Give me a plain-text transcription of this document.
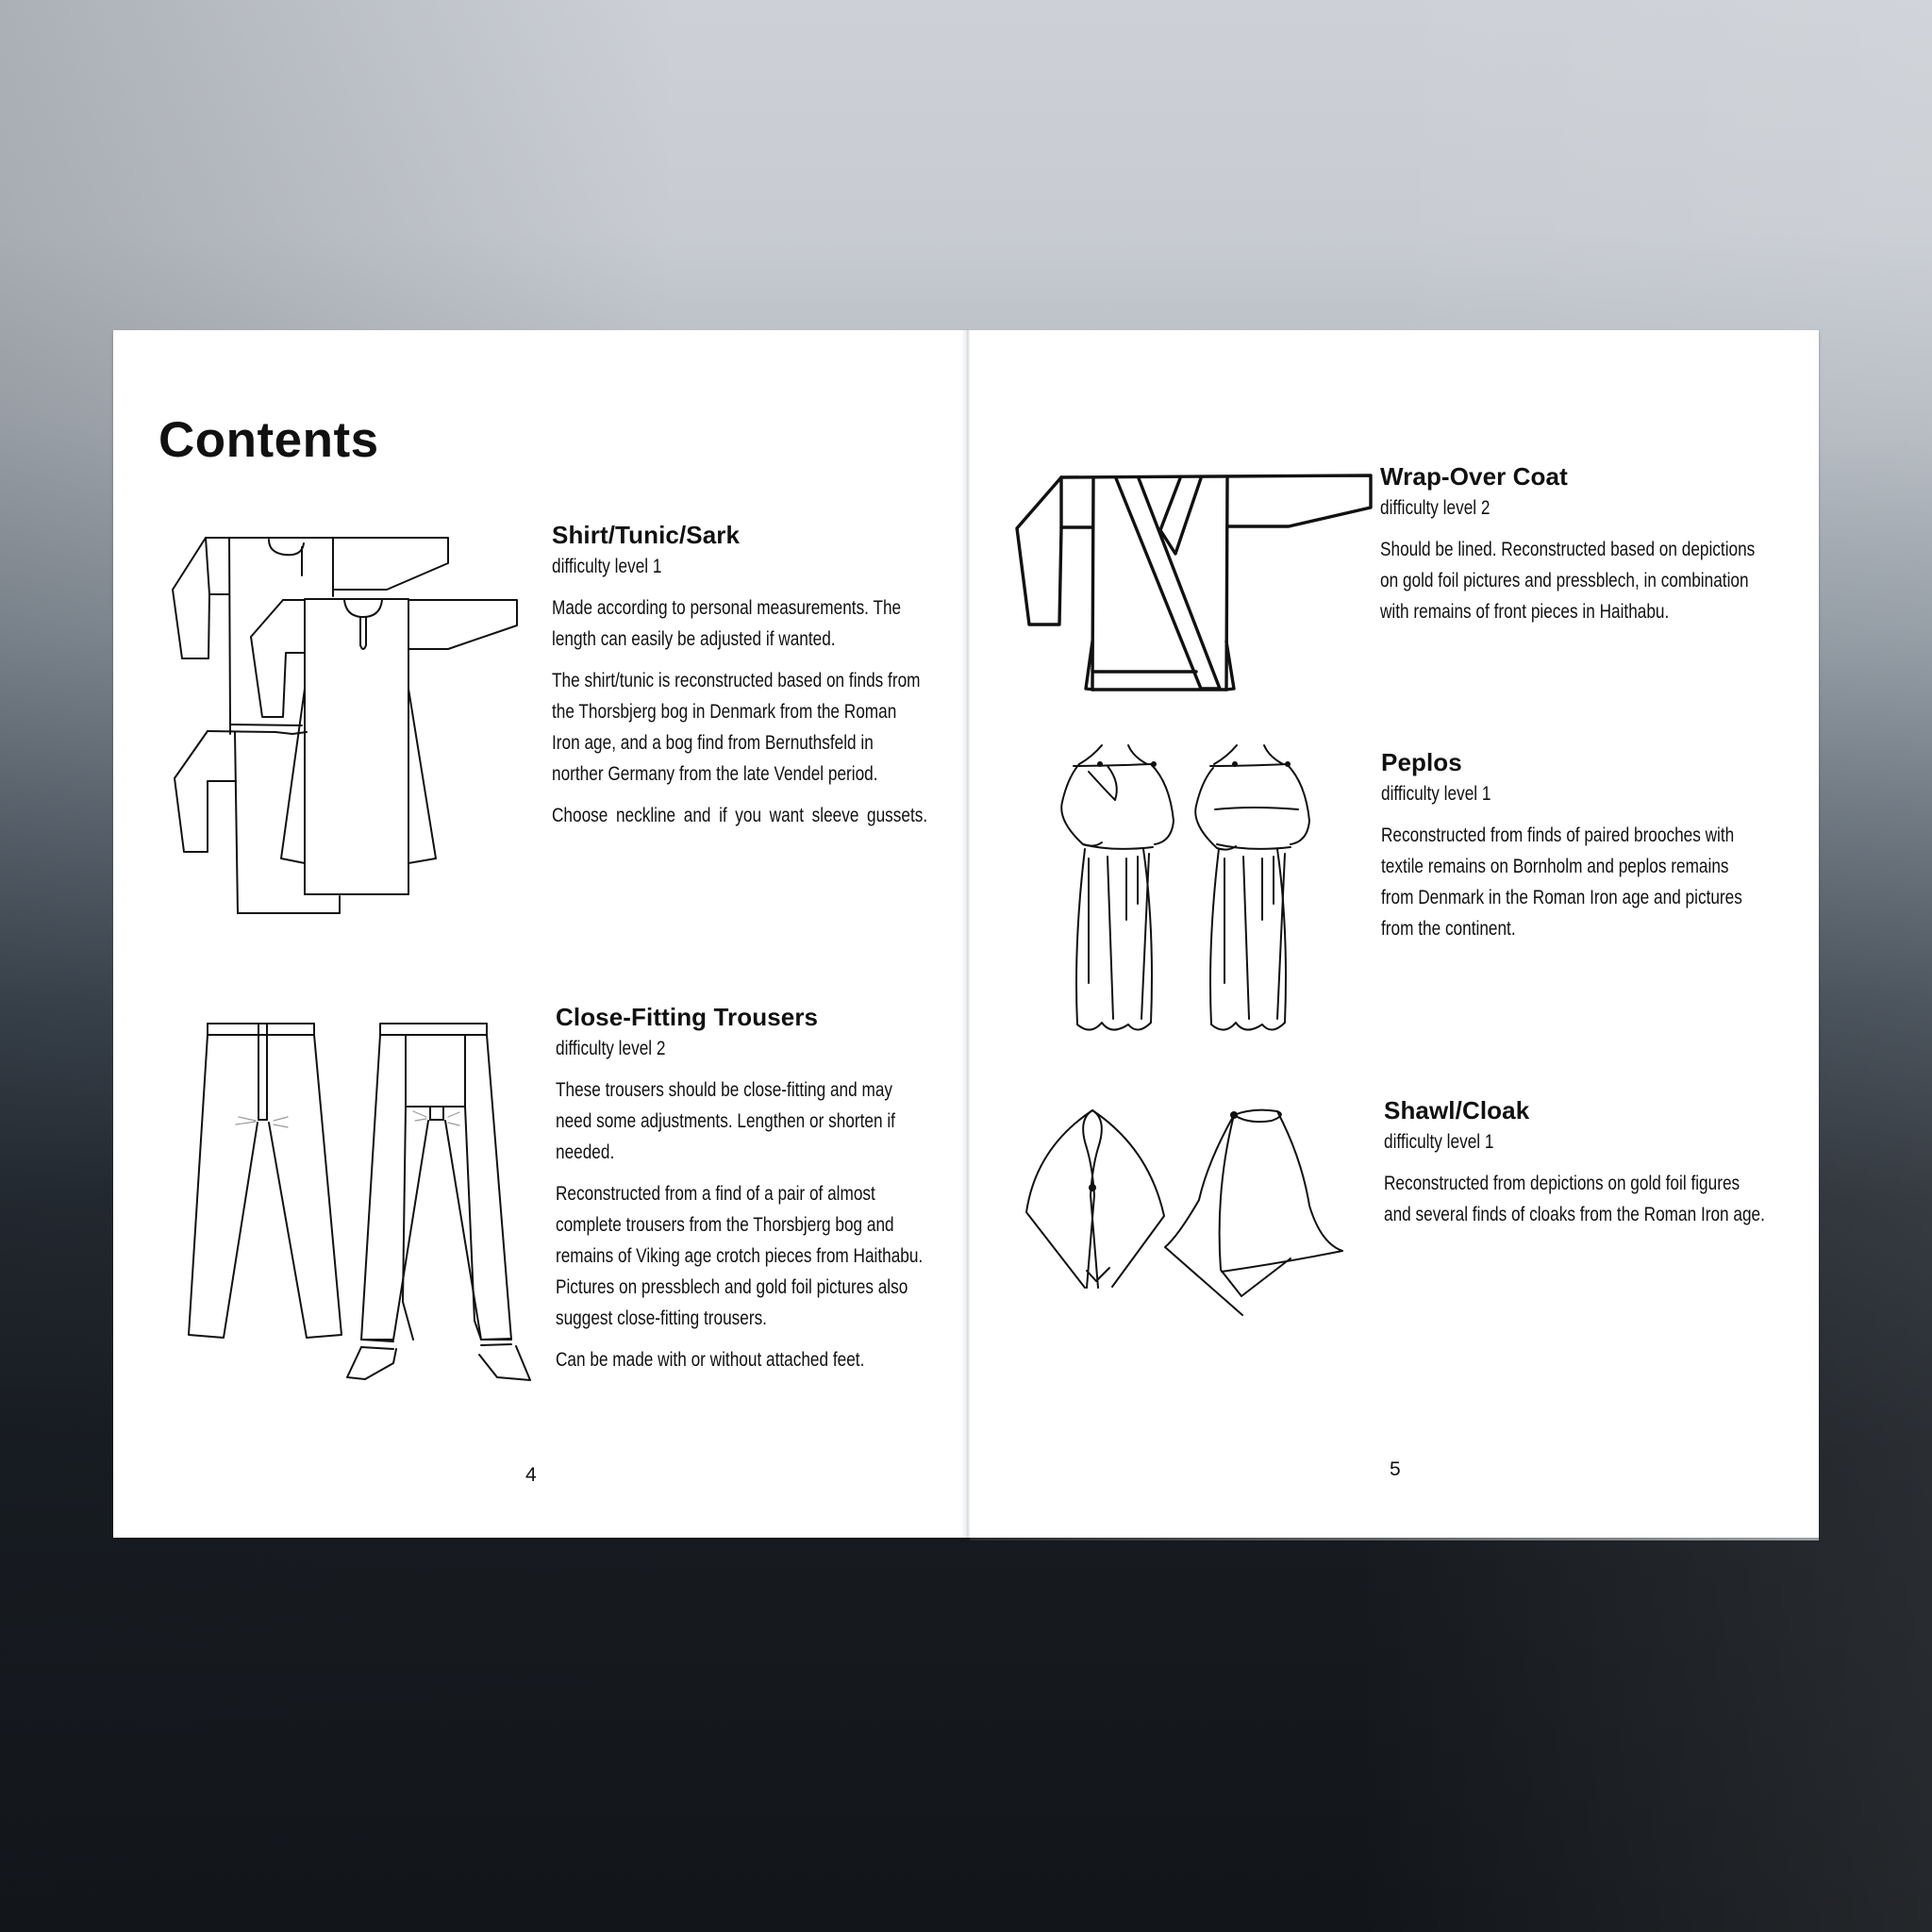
Contents
Shirt/Tunic/Sark
difficulty level 1
Made according to personal measurements. The length can easily be adjusted if wanted.
The shirt/tunic is reconstructed based on finds from the Thorsbjerg bog in Denmark from the Roman Iron age, and a bog find from Bernuthsfeld in norther Germany from the late Vendel period.
Choose neckline and if you want sleeve gussets.
Close-Fitting Trousers
difficulty level 2
These trousers should be close-fitting and may need some adjustments. Lengthen or shorten if needed.
Reconstructed from a find of a pair of almost complete trousers from the Thorsbjerg bog and remains of Viking age crotch pieces from Haithabu. Pictures on pressblech and gold foil pictures also suggest close-fitting trousers.
Can be made with or without attached feet.
4
Wrap-Over Coat
difficulty level 2
Should be lined. Reconstructed based on depictions on gold foil pictures and pressblech, in combination with remains of front pieces in Haithabu.
Peplos
difficulty level 1
Reconstructed from finds of paired brooches with textile remains on Bornholm and peplos remains from Denmark in the Roman Iron age and pictures from the continent.
Shawl/Cloak
difficulty level 1
Reconstructed from depictions on gold foil figures and several finds of cloaks from the Roman Iron age.
5
